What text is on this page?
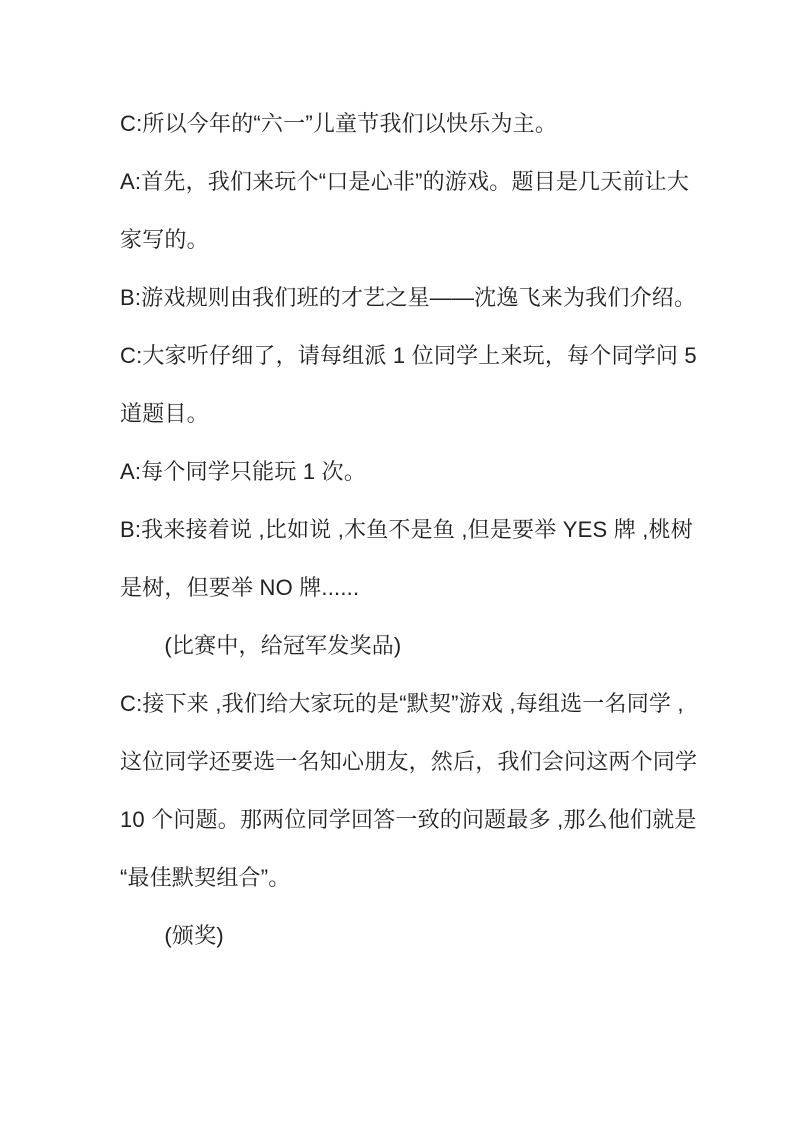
C:所以今年的“六一”儿童节我们以快乐为主。
A:首先，我们来玩个“口是心非”的游戏。题目是几天前让大
家写的。
B:游戏规则由我们班的才艺之星——沈逸飞来为我们介绍。
C:大家听仔细了，请每组派 1 位同学上来玩，每个同学问 5
道题目。
A:每个同学只能玩 1 次。
B:我来接着说 ,比如说 ,木鱼不是鱼 ,但是要举 YES 牌 ,桃树
是树，但要举 NO 牌......
　　(比赛中，给冠军发奖品)
C:接下来 ,我们给大家玩的是“默契”游戏 ,每组选一名同学 ,
这位同学还要选一名知心朋友，然后，我们会问这两个同学
10 个问题。那两位同学回答一致的问题最多 ,那么他们就是
“最佳默契组合”。
　　(颁奖)
